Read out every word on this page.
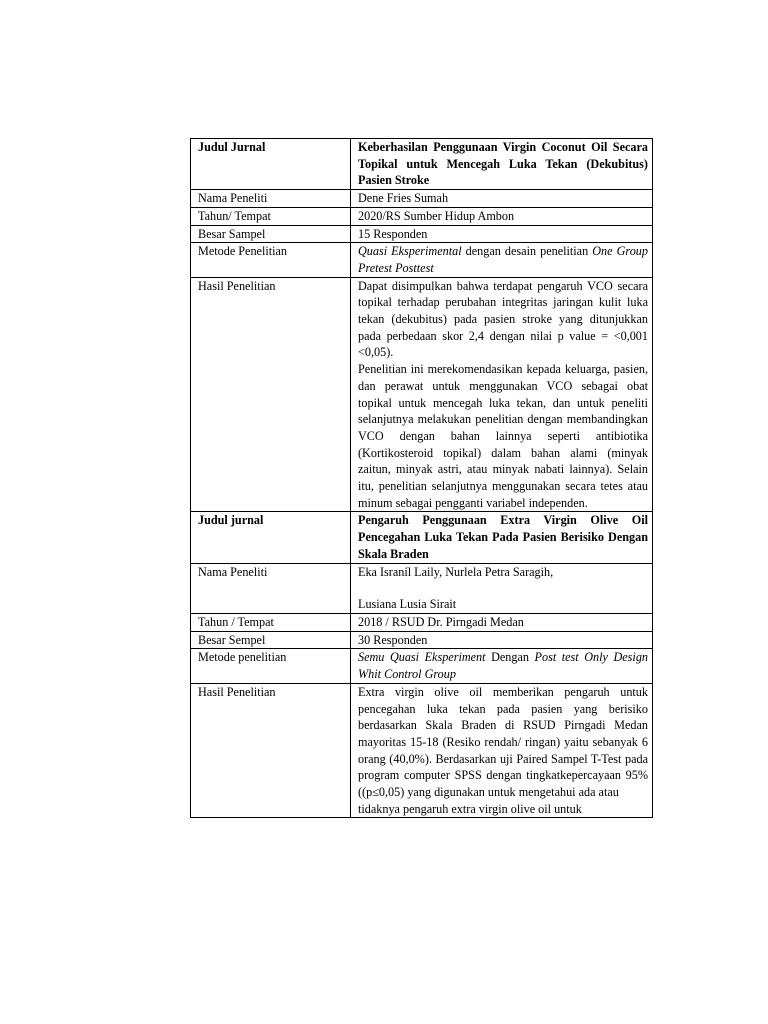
Judul Jurnal	Keberhasilan Penggunaan Virgin Coconut Oil Secara Topikal untuk Mencegah Luka Tekan (Dekubitus) Pasien Stroke
Nama Peneliti	Dene Fries Sumah
Tahun/ Tempat	2020/RS Sumber Hidup Ambon
Besar Sampel	15 Responden
Metode Penelitian	Quasi Eksperimental dengan desain penelitian One Group Pretest Posttest
Hasil Penelitian	Dapat disimpulkan bahwa terdapat pengaruh VCO secara topikal terhadap perubahan integritas jaringan kulit luka tekan (dekubitus) pada pasien stroke yang ditunjukkan pada perbedaan skor 2,4 dengan nilai p value = <0,001 <0,05).
Penelitian ini merekomendasikan kepada keluarga, pasien, dan perawat untuk menggunakan VCO sebagai obat topikal untuk mencegah luka tekan, dan untuk peneliti selanjutnya melakukan penelitian dengan membandingkan VCO dengan bahan lainnya seperti antibiotika (Kortikosteroid topikal) dalam bahan alami (minyak zaitun, minyak astri, atau minyak nabati lainnya). Selain itu, penelitian selanjutnya menggunakan secara tetes atau minum sebagai pengganti variabel independen.

Judul jurnal	Pengaruh Penggunaan Extra Virgin Olive Oil Pencegahan Luka Tekan Pada Pasien Berisiko Dengan Skala Braden
Nama Peneliti	Eka Israníl Laily, Nurlela Petra Saragih,
Lusiana Lusia Sirait

Tahun / Tempat	2018 / RSUD Dr. Pirngadi Medan
Besar Sempel	30 Responden
Metode penelitian	Semu Quasi Eksperiment Dengan Post test Only Design Whit Control Group
Hasil Penelitian	Extra virgin olive oil memberikan pengaruh untuk pencegahan luka tekan pada pasien yang berisiko berdasarkan Skala Braden di RSUD Pirngadi Medan mayoritas 15-18 (Resiko rendah/ ringan) yaitu sebanyak 6 orang (40,0%). Berdasarkan uji Paired Sampel T-Test pada program computer SPSS dengan tingkatkepercayaan 95% ((p≤0,05) yang digunakan untuk mengetahui ada atau
tidaknya pengaruh extra virgin olive oil untuk
